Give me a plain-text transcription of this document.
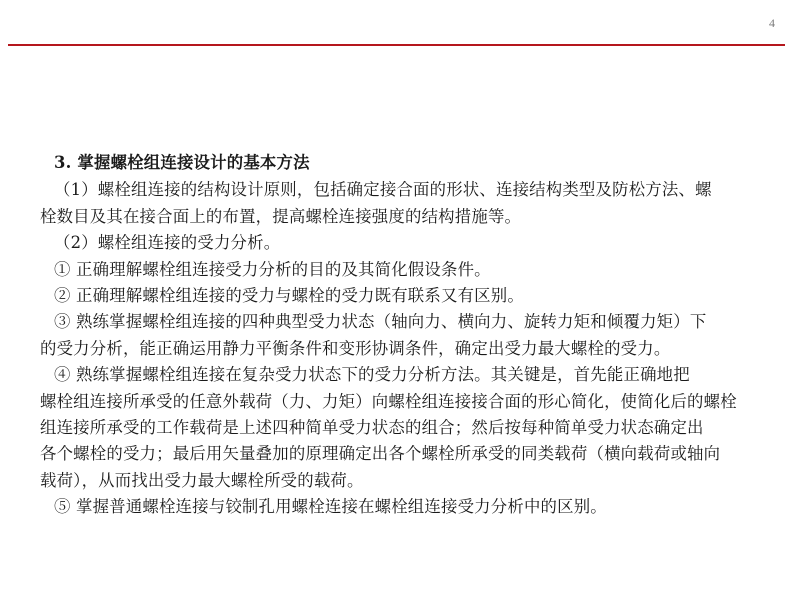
4
3. 掌握螺栓组连接设计的基本方法

（1）螺栓组连接的结构设计原则，包括确定接合面的形状、连接结构类型及防松方法、螺
栓数目及其在接合面上的布置，提高螺栓连接强度的结构措施等。

（2）螺栓组连接的受力分析。

① 正确理解螺栓组连接受力分析的目的及其简化假设条件。

② 正确理解螺栓组连接的受力与螺栓的受力既有联系又有区别。

③ 熟练掌握螺栓组连接的四种典型受力状态（轴向力、横向力、旋转力矩和倾覆力矩）下
的受力分析，能正确运用静力平衡条件和变形协调条件，确定出受力最大螺栓的受力。

④ 熟练掌握螺栓组连接在复杂受力状态下的受力分析方法。其关键是，首先能正确地把
螺栓组连接所承受的任意外载荷（力、力矩）向螺栓组连接接合面的形心简化，使简化后的螺栓
组连接所承受的工作载荷是上述四种简单受力状态的组合；然后按每种简单受力状态确定出
各个螺栓的受力；最后用矢量叠加的原理确定出各个螺栓所承受的同类载荷（横向载荷或轴向
载荷），从而找出受力最大螺栓所受的载荷。

⑤ 掌握普通螺栓连接与铰制孔用螺栓连接在螺栓组连接受力分析中的区别。
